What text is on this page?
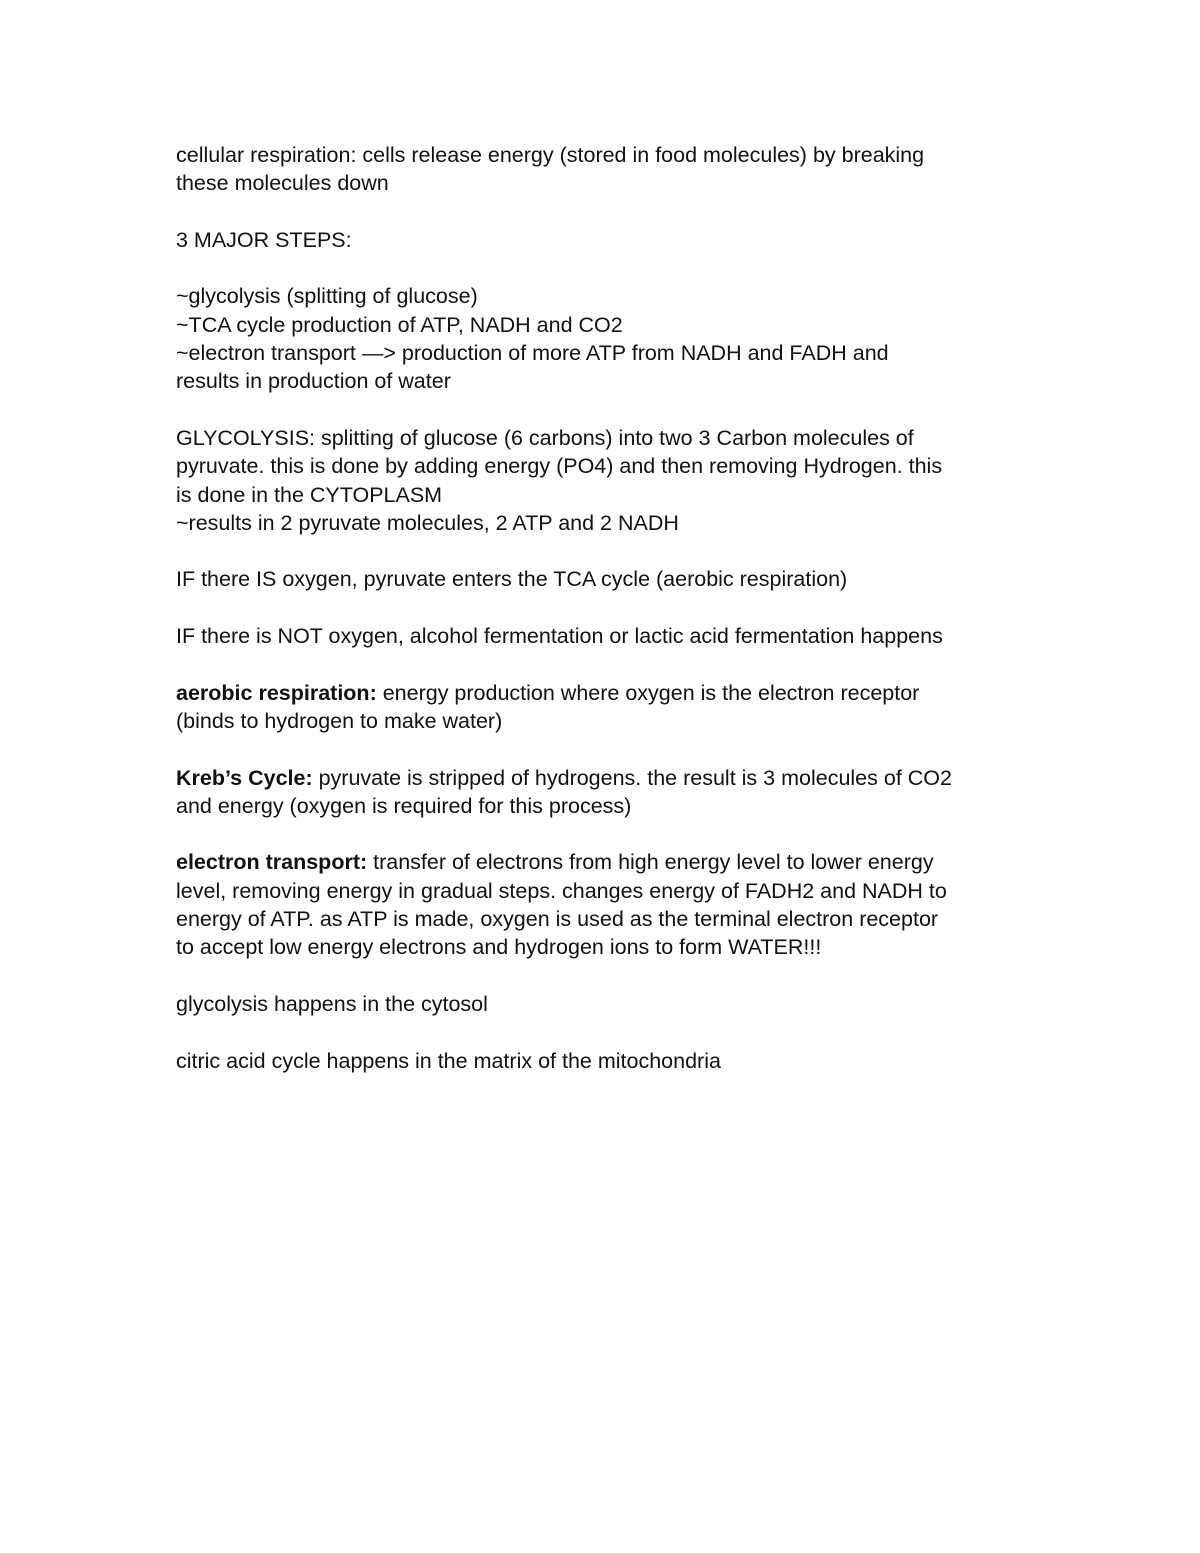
cellular respiration: cells release energy (stored in food molecules) by breaking
these molecules down

3 MAJOR STEPS:

~glycolysis (splitting of glucose)
~TCA cycle production of ATP, NADH and CO2
~electron transport —> production of more ATP from NADH and FADH and
results in production of water

GLYCOLYSIS: splitting of glucose (6 carbons) into two 3 Carbon molecules of
pyruvate. this is done by adding energy (PO4) and then removing Hydrogen. this
is done in the CYTOPLASM
~results in 2 pyruvate molecules, 2 ATP and 2 NADH

IF there IS oxygen, pyruvate enters the TCA cycle (aerobic respiration)

IF there is NOT oxygen, alcohol fermentation or lactic acid fermentation happens

aerobic respiration: energy production where oxygen is the electron receptor
(binds to hydrogen to make water)

Kreb’s Cycle: pyruvate is stripped of hydrogens. the result is 3 molecules of CO2
and energy (oxygen is required for this process)

electron transport: transfer of electrons from high energy level to lower energy
level, removing energy in gradual steps. changes energy of FADH2 and NADH to
energy of ATP. as ATP is made, oxygen is used as the terminal electron receptor
to accept low energy electrons and hydrogen ions to form WATER!!!

glycolysis happens in the cytosol

citric acid cycle happens in the matrix of the mitochondria
